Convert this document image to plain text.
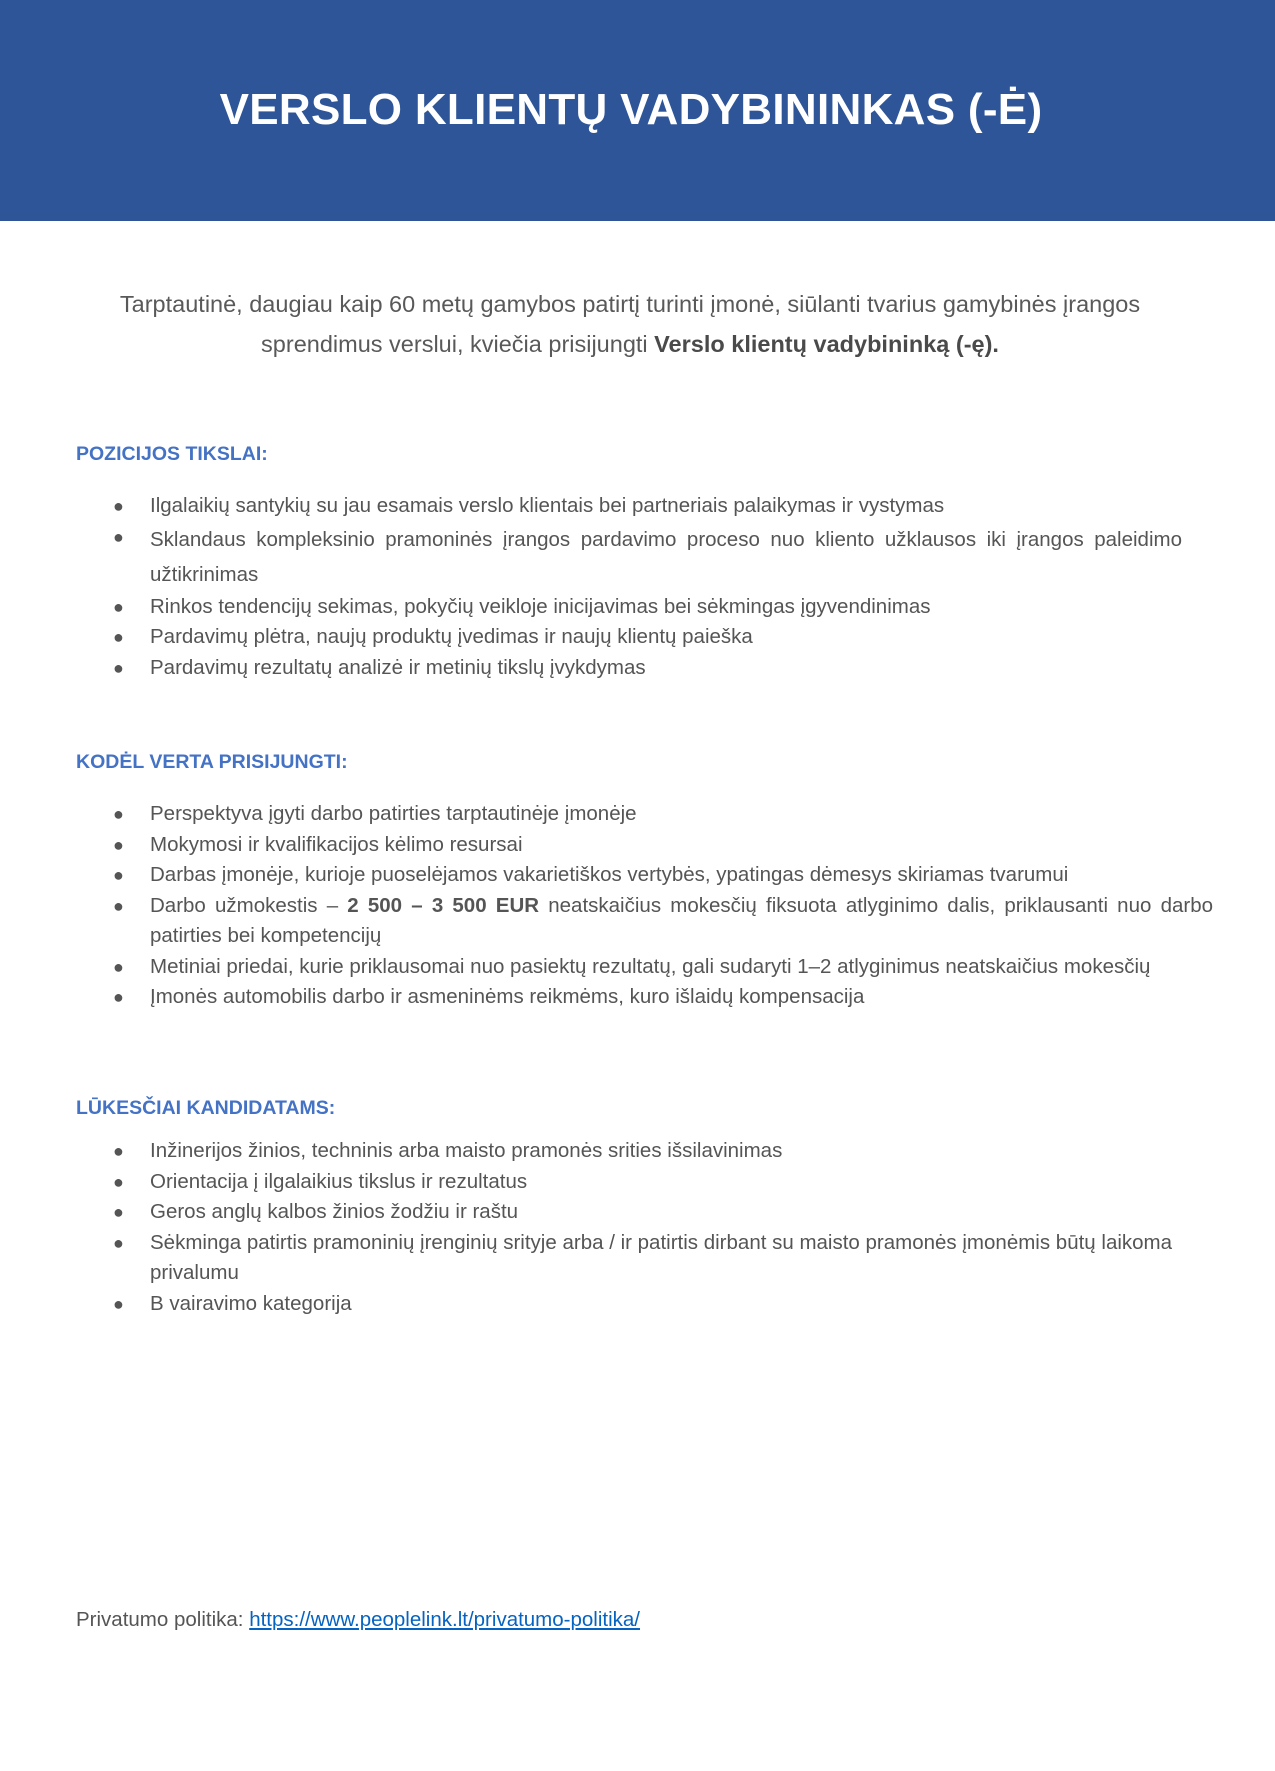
VERSLO KLIENTŲ VADYBININKAS (-Ė)

Tarptautinė, daugiau kaip 60 metų gamybos patirtį turinti įmonė, siūlanti tvarius gamybinės įrangos sprendimus verslui, kviečia prisijungti Verslo klientų vadybininką (-ę).

POZICIJOS TIKSLAI:
● Ilgalaikių santykių su jau esamais verslo klientais bei partneriais palaikymas ir vystymas
● Sklandaus kompleksinio pramoninės įrangos pardavimo proceso nuo kliento užklausos iki įrangos paleidimo užtikrinimas
● Rinkos tendencijų sekimas, pokyčių veikloje inicijavimas bei sėkmingas įgyvendinimas
● Pardavimų plėtra, naujų produktų įvedimas ir naujų klientų paieška
● Pardavimų rezultatų analizė ir metinių tikslų įvykdymas
KODĖL VERTA PRISIJUNGTI:
● Perspektyva įgyti darbo patirties tarptautinėje įmonėje
● Mokymosi ir kvalifikacijos kėlimo resursai
● Darbas įmonėje, kurioje puoselėjamos vakarietiškos vertybės, ypatingas dėmesys skiriamas tvarumui
● Darbo užmokestis – 2 500 – 3 500 EUR neatskaičius mokesčių fiksuota atlyginimo dalis, priklausanti nuo darbo patirties bei kompetencijų
● Metiniai priedai, kurie priklausomai nuo pasiektų rezultatų, gali sudaryti 1–2 atlyginimus neatskaičius mokesčių
● Įmonės automobilis darbo ir asmeninėms reikmėms, kuro išlaidų kompensacija
LŪKESČIAI KANDIDATAMS:
● Inžinerijos žinios, techninis arba maisto pramonės srities išsilavinimas
● Orientacija į ilgalaikius tikslus ir rezultatus
● Geros anglų kalbos žinios žodžiu ir raštu
● Sėkminga patirtis pramoninių įrenginių srityje arba / ir patirtis dirbant su maisto pramonės įmonėmis būtų laikoma privalumu
● B vairavimo kategorija

Privatumo politika: https://www.peoplelink.lt/privatumo-politika/
